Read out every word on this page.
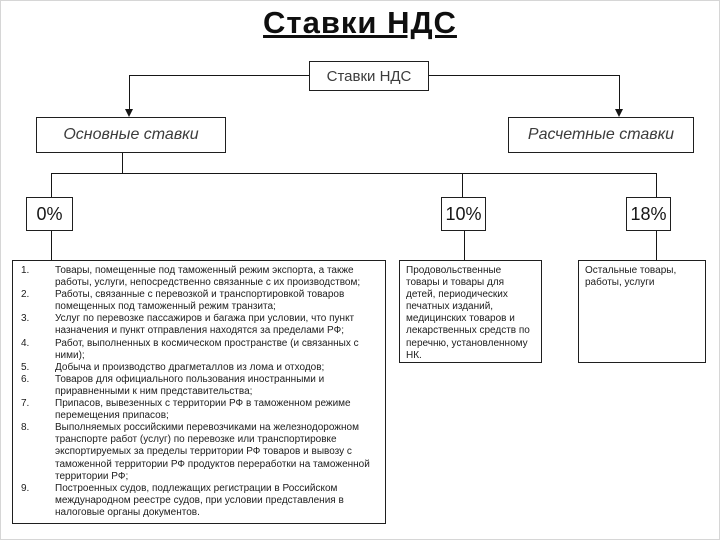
Ставки НДС
Ставки НДС
Основные ставки	Расчетные ставки
0%	10%	18%
1.	Товары, помещенные под таможенный режим экспорта, а также работы, услуги, непосредственно связанные с их производством;
2.	Работы, связанные с перевозкой и транспортировкой товаров помещенных под таможенный режим транзита;
3.	Услуг по перевозке пассажиров и багажа при условии, что пункт назначения и пункт отправления находятся за пределами РФ;
4.	Работ, выполненных в космическом пространстве (и связанных с ними);
5.	Добыча и производство драгметаллов из лома и отходов;
6.	Товаров для официального пользования иностранными и приравненными к ним представительства;
7.	Припасов, вывезенных с территории РФ в таможенном режиме перемещения припасов;
8.	Выполняемых российскими перевозчиками на железнодорожном транспорте работ (услуг) по перевозке или транспортировке экспортируемых за пределы территории РФ товаров и вывозу с таможенной территории РФ продуктов переработки на таможенной территории РФ;
9.	Построенных судов, подлежащих регистрации в Российском международном реестре судов, при условии представления в налоговые органы документов.
Продовольственные товары и товары для детей, периодических печатных изданий, медицинских товаров и лекарственных средств по перечню, установленному НК.
Остальные товары, работы, услуги
